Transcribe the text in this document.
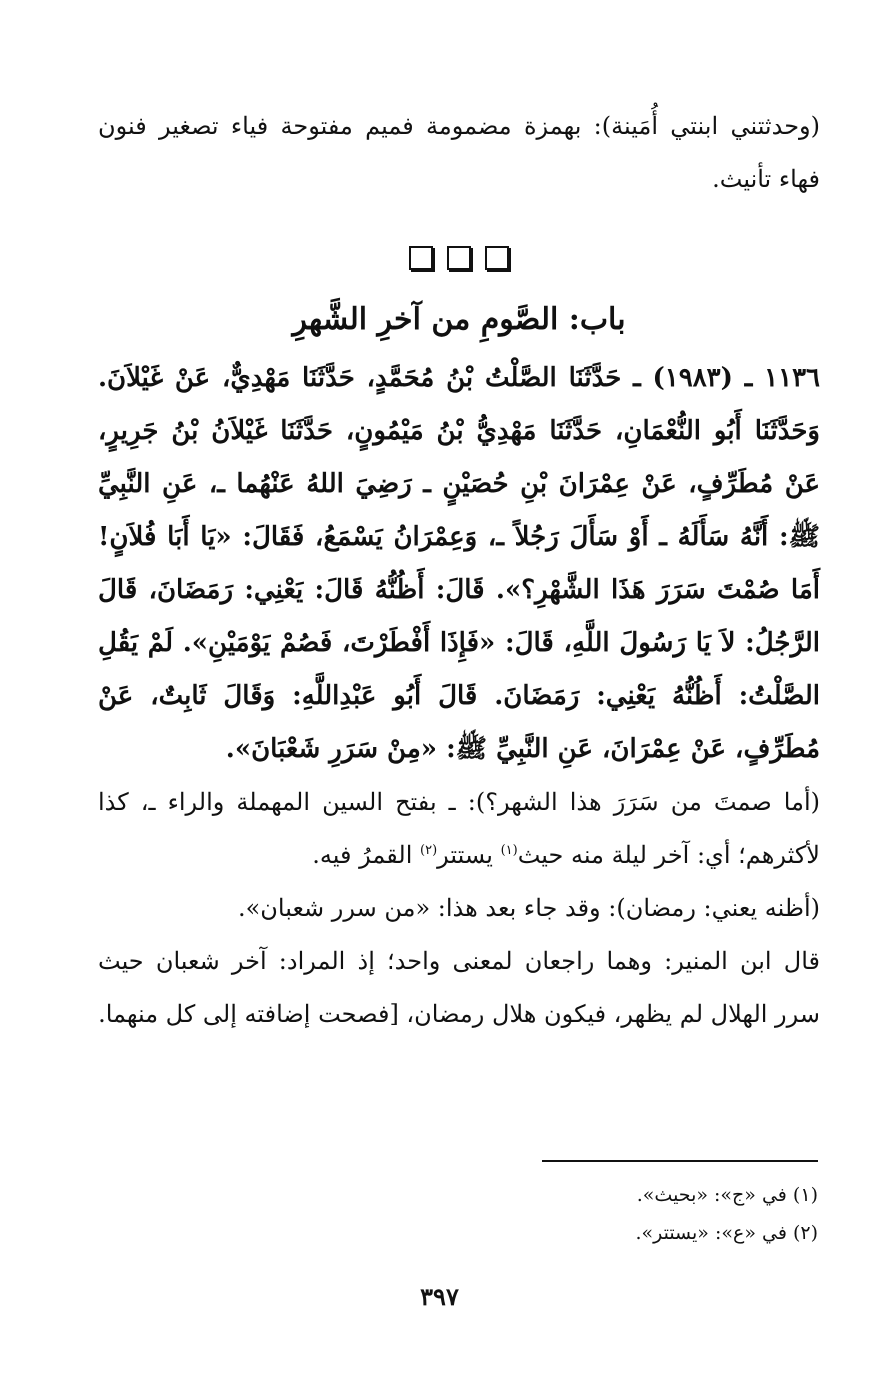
(وحدثتني ابنتي أُمَينة): بهمزة مضمومة فميم مفتوحة فياء تصغير فنون فهاء تأنيث.

باب: الصَّومِ من آخرِ الشَّهرِ

١١٣٦ ـ (١٩٨٣) ـ حَدَّثَنَا الصَّلْتُ بْنُ مُحَمَّدٍ، حَدَّثَنَا مَهْدِيٌّ، عَنْ غَيْلاَنَ. وَحَدَّثَنَا أَبُو النُّعْمَانِ، حَدَّثَنَا مَهْدِيُّ بْنُ مَيْمُونٍ، حَدَّثَنَا غَيْلاَنُ بْنُ جَرِيرٍ، عَنْ مُطَرِّفٍ، عَنْ عِمْرَانَ بْنِ حُصَيْنٍ ـ رَضِيَ اللهُ عَنْهُما ـ، عَنِ النَّبِيِّ ﷺ: أَنَّهُ سَأَلَهُ ـ أَوْ سَأَلَ رَجُلاً ـ، وَعِمْرَانُ يَسْمَعُ، فَقَالَ: «يَا أَبَا فُلاَنٍ! أَمَا صُمْتَ سَرَرَ هَذَا الشَّهْرِ؟». قَالَ: أَظُنُّهُ قَالَ: يَعْنِي: رَمَضَانَ، قَالَ الرَّجُلُ: لاَ يَا رَسُولَ اللَّهِ، قَالَ: «فَإِذَا أَفْطَرْتَ، فَصُمْ يَوْمَيْنِ». لَمْ يَقُلِ الصَّلْتُ: أَظُنُّهُ يَعْنِي: رَمَضَانَ. قَالَ أَبُو عَبْدِاللَّهِ: وَقَالَ ثَابِتٌ، عَنْ مُطَرِّفٍ، عَنْ عِمْرَانَ، عَنِ النَّبِيِّ ﷺ: «مِنْ سَرَرِ شَعْبَانَ».

(أما صمتَ من سَرَرَ هذا الشهر؟): ـ بفتح السين المهملة والراء ـ، كذا لأكثرهم؛ أي: آخر ليلة منه حيث$^{(١)}$ يستتر$^{(٢)}$ القمرُ فيه.

(أظنه يعني: رمضان): وقد جاء بعد هذا: «من سرر شعبان».

قال ابن المنير: وهما راجعان لمعنى واحد؛ إذ المراد: آخر شعبان حيث سرر الهلال لم يظهر، فيكون هلال رمضان، [فصحت إضافته إلى كل منهما.

(١) في «ج»: «بحيث».

(٢) في «ع»: «يستتر».

٣٩٧
